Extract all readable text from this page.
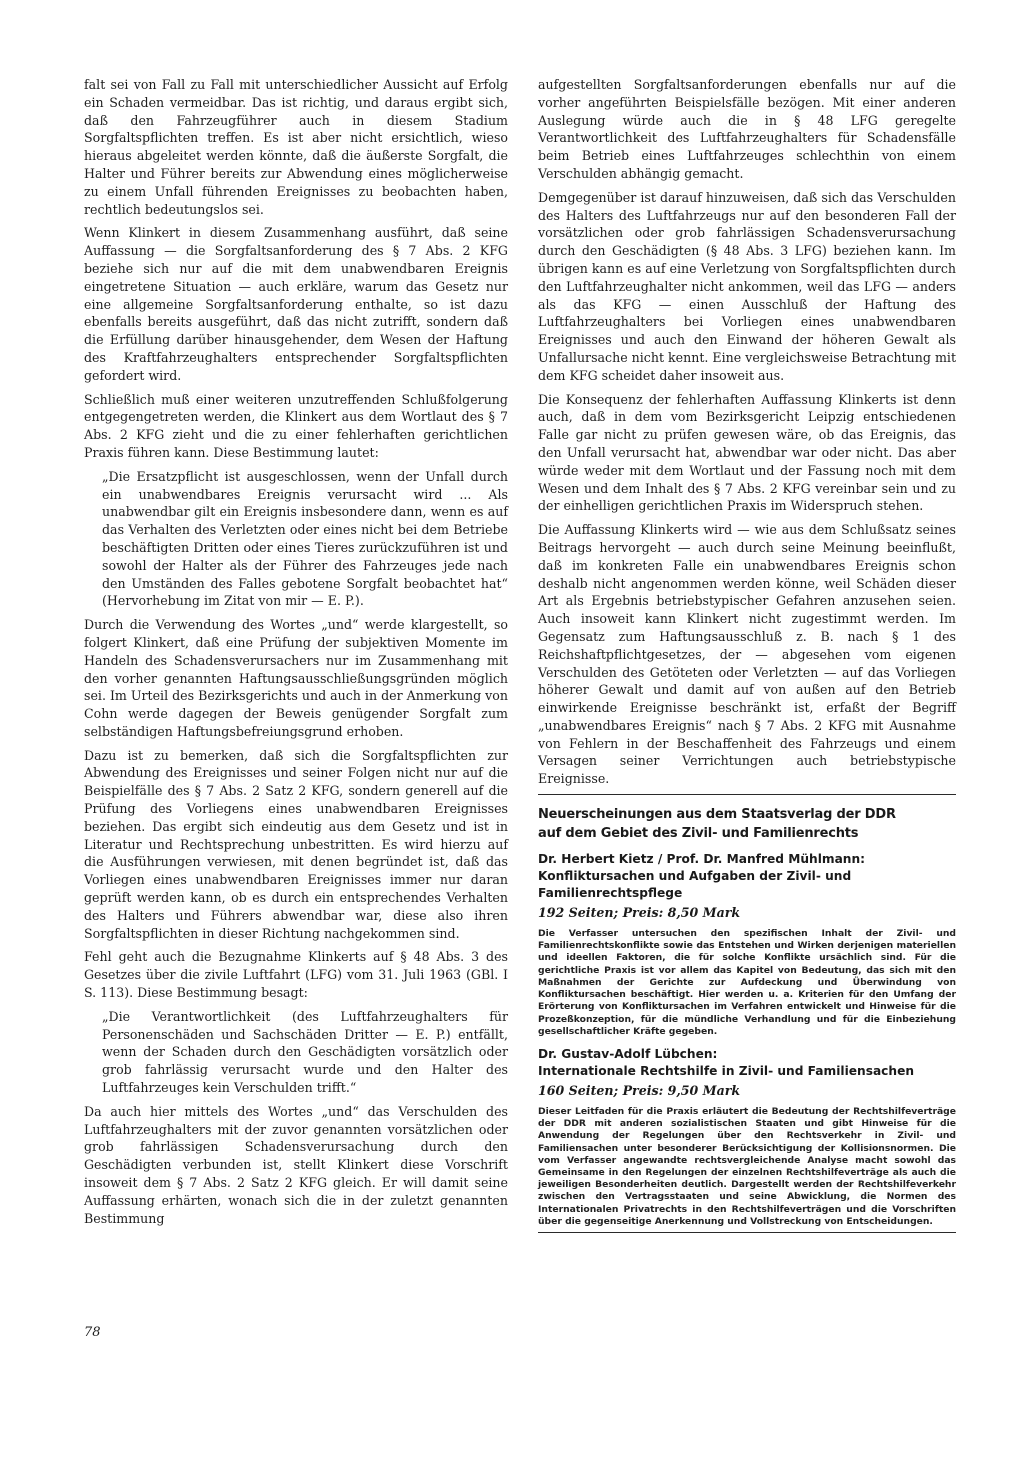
falt sei von Fall zu Fall mit unterschiedlicher Aussicht auf Erfolg ein Schaden vermeidbar. Das ist richtig, und daraus ergibt sich, daß den Fahrzeugführer auch in diesem Stadium Sorgfaltspflichten treffen. Es ist aber nicht ersichtlich, wieso hieraus abgeleitet werden könnte, daß die äußerste Sorgfalt, die Halter und Führer bereits zur Abwendung eines möglicherweise zu einem Unfall führenden Ereignisses zu beobachten haben, rechtlich bedeutungslos sei.

Wenn Klinkert in diesem Zusammenhang ausführt, daß seine Auffassung — die Sorgfaltsanforderung des § 7 Abs. 2 KFG beziehe sich nur auf die mit dem unabwendbaren Ereignis eingetretene Situation — auch erkläre, warum das Gesetz nur eine allgemeine Sorgfaltsanforderung enthalte, so ist dazu ebenfalls bereits ausgeführt, daß das nicht zutrifft, sondern daß die Erfüllung darüber hinausgehender, dem Wesen der Haftung des Kraftfahrzeughalters entsprechender Sorgfaltspflichten gefordert wird.

Schließlich muß einer weiteren unzutreffenden Schlußfolgerung entgegengetreten werden, die Klinkert aus dem Wortlaut des § 7 Abs. 2 KFG zieht und die zu einer fehlerhaften gerichtlichen Praxis führen kann. Diese Bestimmung lautet:

„Die Ersatzpflicht ist ausgeschlossen, wenn der Unfall durch ein unabwendbares Ereignis verursacht wird ... Als unabwendbar gilt ein Ereignis insbesondere dann, wenn es auf das Verhalten des Verletzten oder eines nicht bei dem Betriebe beschäftigten Dritten oder eines Tieres zurückzuführen ist und sowohl der Halter als der Führer des Fahrzeuges jede nach den Umständen des Falles gebotene Sorgfalt beobachtet hat“ (Hervorhebung im Zitat von mir — E. P.).

Durch die Verwendung des Wortes „und“ werde klargestellt, so folgert Klinkert, daß eine Prüfung der subjektiven Momente im Handeln des Schadensverursachers nur im Zusammenhang mit den vorher genannten Haftungsausschließungsgründen möglich sei. Im Urteil des Bezirksgerichts und auch in der Anmerkung von Cohn werde dagegen der Beweis genügender Sorgfalt zum selbständigen Haftungsbefreiungsgrund erhoben.

Dazu ist zu bemerken, daß sich die Sorgfaltspflichten zur Abwendung des Ereignisses und seiner Folgen nicht nur auf die Beispielfälle des § 7 Abs. 2 Satz 2 KFG, sondern generell auf die Prüfung des Vorliegens eines unabwendbaren Ereignisses beziehen. Das ergibt sich eindeutig aus dem Gesetz und ist in Literatur und Rechtsprechung unbestritten. Es wird hierzu auf die Ausführungen verwiesen, mit denen begründet ist, daß das Vorliegen eines unabwendbaren Ereignisses immer nur daran geprüft werden kann, ob es durch ein entsprechendes Verhalten des Halters und Führers abwendbar war, diese also ihren Sorgfaltspflichten in dieser Richtung nachgekommen sind.

Fehl geht auch die Bezugnahme Klinkerts auf § 48 Abs. 3 des Gesetzes über die zivile Luftfahrt (LFG) vom 31. Juli 1963 (GBl. I S. 113). Diese Bestimmung besagt:

„Die Verantwortlichkeit (des Luftfahrzeughalters für Personenschäden und Sachschäden Dritter — E. P.) entfällt, wenn der Schaden durch den Geschädigten vorsätzlich oder grob fahrlässig verursacht wurde und den Halter des Luftfahrzeuges kein Verschulden trifft.“

Da auch hier mittels des Wortes „und“ das Verschulden des Luftfahrzeughalters mit der zuvor genannten vorsätzlichen oder grob fahrlässigen Schadensverursachung durch den Geschädigten verbunden ist, stellt Klinkert diese Vorschrift insoweit dem § 7 Abs. 2 Satz 2 KFG gleich. Er will damit seine Auffassung erhärten, wonach sich die in der zuletzt genannten Bestimmung

aufgestellten Sorgfaltsanforderungen ebenfalls nur auf die vorher angeführten Beispielsfälle bezögen. Mit einer anderen Auslegung würde auch die in § 48 LFG geregelte Verantwortlichkeit des Luftfahrzeughalters für Schadensfälle beim Betrieb eines Luftfahrzeuges schlechthin von einem Verschulden abhängig gemacht.

Demgegenüber ist darauf hinzuweisen, daß sich das Verschulden des Halters des Luftfahrzeugs nur auf den besonderen Fall der vorsätzlichen oder grob fahrlässigen Schadensverursachung durch den Geschädigten (§ 48 Abs. 3 LFG) beziehen kann. Im übrigen kann es auf eine Verletzung von Sorgfaltspflichten durch den Luftfahrzeughalter nicht ankommen, weil das LFG — anders als das KFG — einen Ausschluß der Haftung des Luftfahrzeughalters bei Vorliegen eines unabwendbaren Ereignisses und auch den Einwand der höheren Gewalt als Unfallursache nicht kennt. Eine vergleichsweise Betrachtung mit dem KFG scheidet daher insoweit aus.

Die Konsequenz der fehlerhaften Auffassung Klinkerts ist denn auch, daß in dem vom Bezirksgericht Leipzig entschiedenen Falle gar nicht zu prüfen gewesen wäre, ob das Ereignis, das den Unfall verursacht hat, abwendbar war oder nicht. Das aber würde weder mit dem Wortlaut und der Fassung noch mit dem Wesen und dem Inhalt des § 7 Abs. 2 KFG vereinbar sein und zu der einhelligen gerichtlichen Praxis im Widerspruch stehen.

Die Auffassung Klinkerts wird — wie aus dem Schlußsatz seines Beitrags hervorgeht — auch durch seine Meinung beeinflußt, daß im konkreten Falle ein unabwendbares Ereignis schon deshalb nicht angenommen werden könne, weil Schäden dieser Art als Ergebnis betriebstypischer Gefahren anzusehen seien. Auch insoweit kann Klinkert nicht zugestimmt werden. Im Gegensatz zum Haftungsausschluß z. B. nach § 1 des Reichshaftpflichtgesetzes, der — abgesehen vom eigenen Verschulden des Getöteten oder Verletzten — auf das Vorliegen höherer Gewalt und damit auf von außen auf den Betrieb einwirkende Ereignisse beschränkt ist, erfaßt der Begriff „unabwendbares Ereignis“ nach § 7 Abs. 2 KFG mit Ausnahme von Fehlern in der Beschaffenheit des Fahrzeugs und einem Versagen seiner Verrichtungen auch betriebstypische Ereignisse.

Neuerscheinungen aus dem Staatsverlag der DDR

auf dem Gebiet des Zivil- und Familienrechts

Dr. Herbert Kietz / Prof. Dr. Manfred Mühlmann:

Konfliktursachen und Aufgaben der Zivil- und Familienrechtspflege

192 Seiten; Preis: 8,50 Mark

Die Verfasser untersuchen den spezifischen Inhalt der Zivil- und Familienrechtskonflikte sowie das Entstehen und Wirken derjenigen materiellen und ideellen Faktoren, die für solche Konflikte ursächlich sind. Für die gerichtliche Praxis ist vor allem das Kapitel von Bedeutung, das sich mit den Maßnahmen der Gerichte zur Aufdeckung und Überwindung von Konfliktursachen beschäftigt. Hier werden u. a. Kriterien für den Umfang der Erörterung von Konfliktursachen im Verfahren entwickelt und Hinweise für die Prozeßkonzeption, für die mündliche Verhandlung und für die Einbeziehung gesellschaftlicher Kräfte gegeben.

Dr. Gustav-Adolf Lübchen:

Internationale Rechtshilfe in Zivil- und Familiensachen

160 Seiten; Preis: 9,50 Mark

Dieser Leitfaden für die Praxis erläutert die Bedeutung der Rechtshilfeverträge der DDR mit anderen sozialistischen Staaten und gibt Hinweise für die Anwendung der Regelungen über den Rechtsverkehr in Zivil- und Familiensachen unter besonderer Berücksichtigung der Kollisionsnormen. Die vom Verfasser angewandte rechtsvergleichende Analyse macht sowohl das Gemeinsame in den Regelungen der einzelnen Rechtshilfeverträge als auch die jeweiligen Besonderheiten deutlich. Dargestellt werden der Rechtshilfeverkehr zwischen den Vertragsstaaten und seine Abwicklung, die Normen des Internationalen Privatrechts in den Rechtshilfeverträgen und die Vorschriften über die gegenseitige Anerkennung und Vollstreckung von Entscheidungen.

78
